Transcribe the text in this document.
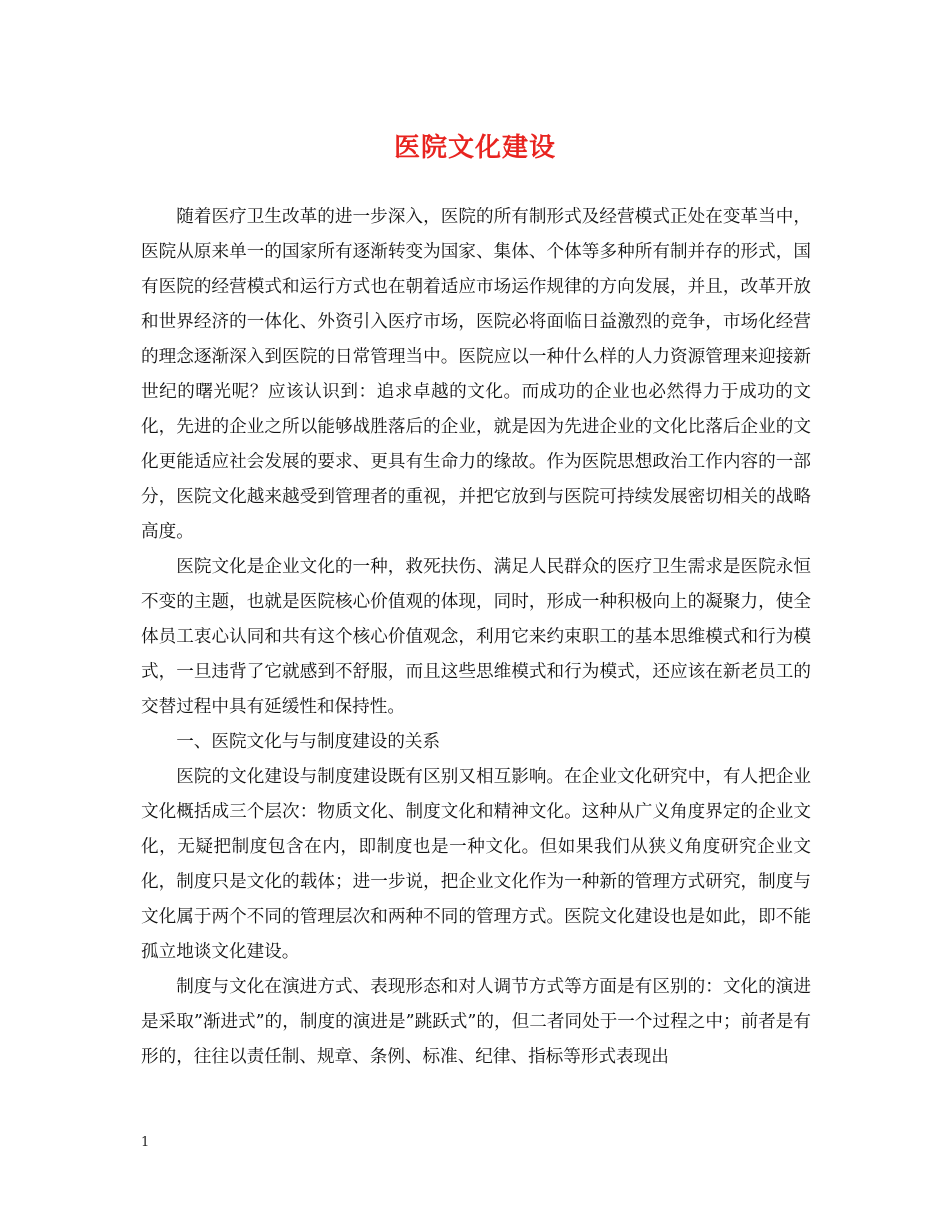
医院文化建设

随着医疗卫生改革的进一步深入，医院的所有制形式及经营模式正处在变革当中，医院从原来单一的国家所有逐渐转变为国家、集体、个体等多种所有制并存的形式，国有医院的经营模式和运行方式也在朝着适应市场运作规律的方向发展，并且，改革开放和世界经济的一体化、外资引入医疗市场，医院必将面临日益激烈的竞争，市场化经营的理念逐渐深入到医院的日常管理当中。医院应以一种什么样的人力资源管理来迎接新世纪的曙光呢？应该认识到：追求卓越的文化。而成功的企业也必然得力于成功的文化，先进的企业之所以能够战胜落后的企业，就是因为先进企业的文化比落后企业的文化更能适应社会发展的要求、更具有生命力的缘故。作为医院思想政治工作内容的一部分，医院文化越来越受到管理者的重视，并把它放到与医院可持续发展密切相关的战略高度。

医院文化是企业文化的一种，救死扶伤、满足人民群众的医疗卫生需求是医院永恒不变的主题，也就是医院核心价值观的体现，同时，形成一种积极向上的凝聚力，使全体员工衷心认同和共有这个核心价值观念，利用它来约束职工的基本思维模式和行为模式，一旦违背了它就感到不舒服，而且这些思维模式和行为模式，还应该在新老员工的交替过程中具有延缓性和保持性。

一、医院文化与与制度建设的关系

医院的文化建设与制度建设既有区别又相互影响。在企业文化研究中，有人把企业文化概括成三个层次：物质文化、制度文化和精神文化。这种从广义角度界定的企业文化，无疑把制度包含在内，即制度也是一种文化。但如果我们从狭义角度研究企业文化，制度只是文化的载体；进一步说，把企业文化作为一种新的管理方式研究，制度与文化属于两个不同的管理层次和两种不同的管理方式。医院文化建设也是如此，即不能孤立地谈文化建设。

制度与文化在演进方式、表现形态和对人调节方式等方面是有区别的：文化的演进是采取”渐进式”的，制度的演进是”跳跃式”的，但二者同处于一个过程之中；前者是有形的，往往以责任制、规章、条例、标准、纪律、指标等形式表现出

1
